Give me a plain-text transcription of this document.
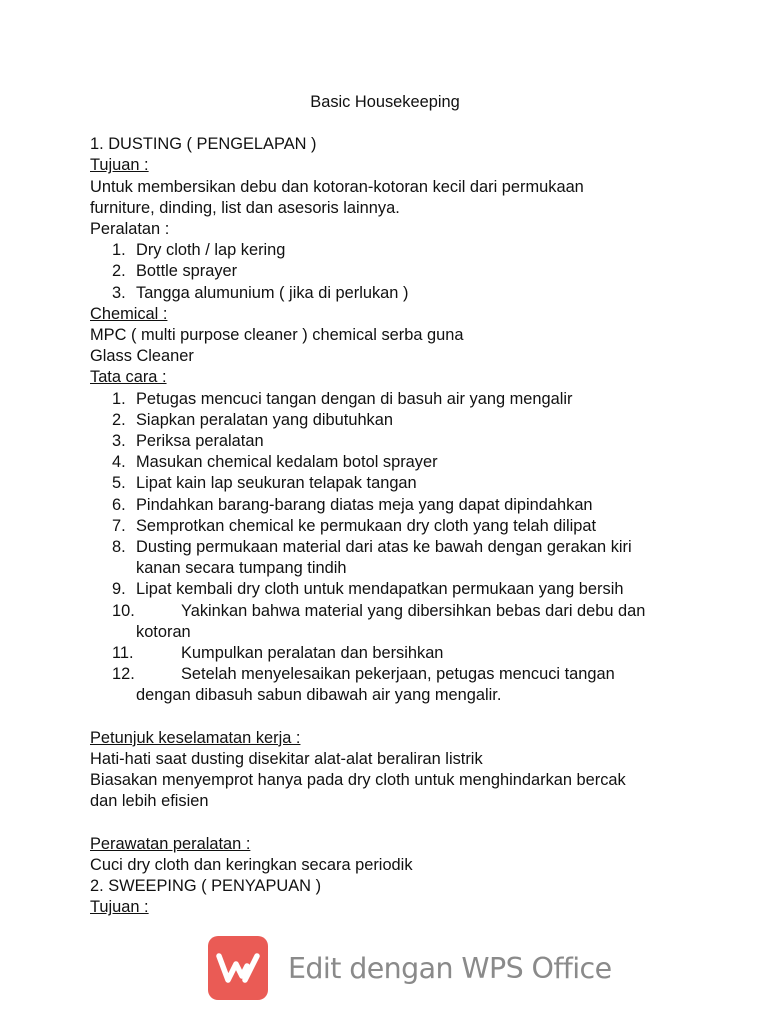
Basic Housekeeping
1. DUSTING ( PENGELAPAN )
Tujuan :
Untuk membersikan debu dan kotoran-kotoran kecil dari permukaan
furniture, dinding, list dan asesoris lainnya.
Peralatan :
1. Dry cloth / lap kering
2. Bottle sprayer
3. Tangga alumunium ( jika di perlukan )
Chemical :
MPC ( multi purpose cleaner ) chemical serba guna
Glass Cleaner
Tata cara :
1. Petugas mencuci tangan dengan di basuh air yang mengalir
2. Siapkan peralatan yang dibutuhkan
3. Periksa peralatan
4. Masukan chemical kedalam botol sprayer
5. Lipat kain lap seukuran telapak tangan
6. Pindahkan barang-barang diatas meja yang dapat dipindahkan
7. Semprotkan chemical ke permukaan dry cloth yang telah dilipat
8. Dusting permukaan material dari atas ke bawah dengan gerakan kiri
kanan secara tumpang tindih
9. Lipat kembali dry cloth untuk mendapatkan permukaan yang bersih
10.	Yakinkan bahwa material yang dibersihkan bebas dari debu dan
kotoran
11.	Kumpulkan peralatan dan bersihkan
12.	Setelah menyelesaikan pekerjaan, petugas mencuci tangan
dengan dibasuh sabun dibawah air yang mengalir.
Petunjuk keselamatan kerja :
Hati-hati saat dusting disekitar alat-alat beraliran listrik
Biasakan menyemprot hanya pada dry cloth untuk menghindarkan bercak
dan lebih efisien
Perawatan peralatan :
Cuci dry cloth dan keringkan secara periodik
2. SWEEPING ( PENYAPUAN )
Tujuan :
Edit dengan WPS Office
